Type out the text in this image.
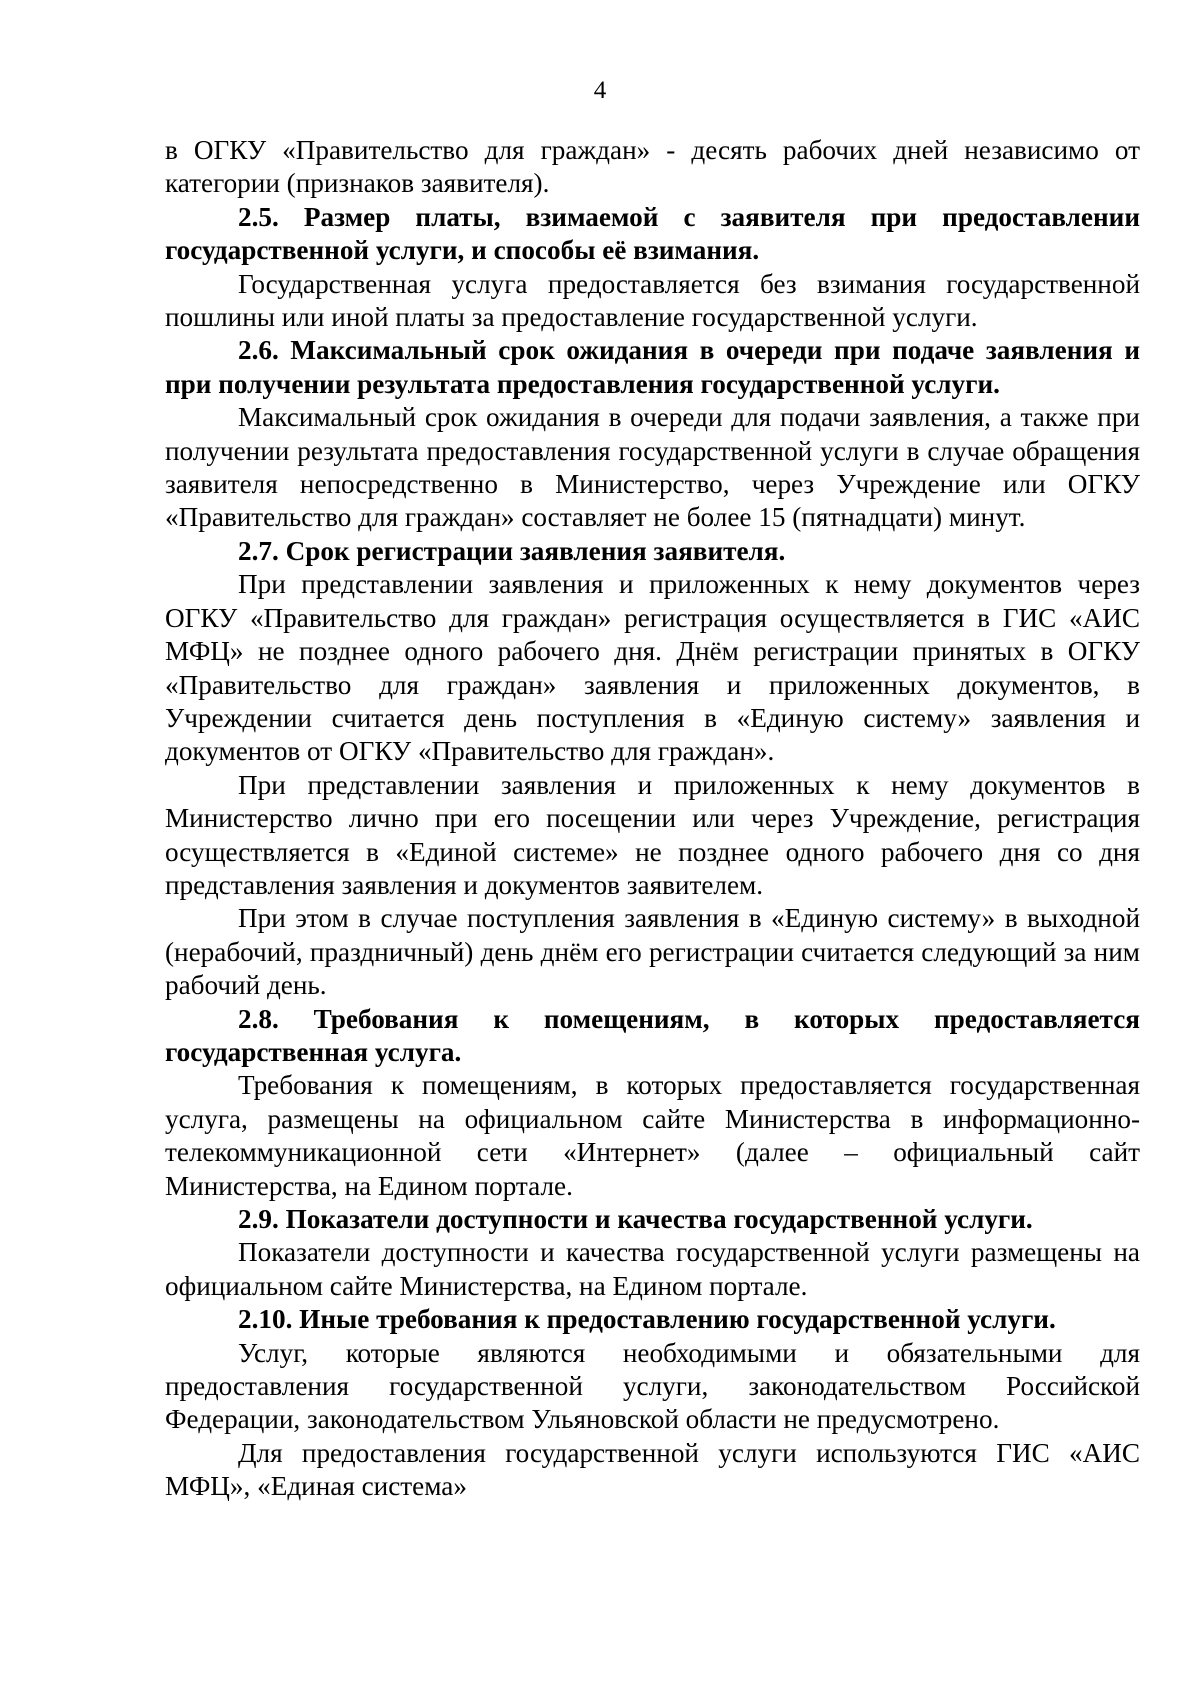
4

в ОГКУ «Правительство для граждан» - десять рабочих дней независимо от категории (признаков заявителя).

2.5. Размер платы, взимаемой с заявителя при предоставлении государственной услуги, и способы её взимания.

Государственная услуга предоставляется без взимания государственной пошлины или иной платы за предоставление государственной услуги.

2.6. Максимальный срок ожидания в очереди при подаче заявления и при получении результата предоставления государственной услуги.

Максимальный срок ожидания в очереди для подачи заявления, а также при получении результата предоставления государственной услуги в случае обращения заявителя непосредственно в Министерство, через Учреждение или ОГКУ «Правительство для граждан» составляет не более 15 (пятнадцати) минут.

2.7. Срок регистрации заявления заявителя.

При представлении заявления и приложенных к нему документов через ОГКУ «Правительство для граждан» регистрация осуществляется в ГИС «АИС МФЦ» не позднее одного рабочего дня. Днём регистрации принятых в ОГКУ «Правительство для граждан» заявления и приложенных документов, в Учреждении считается день поступления в «Единую систему» заявления и документов от ОГКУ «Правительство для граждан».

При представлении заявления и приложенных к нему документов в Министерство лично при его посещении или через Учреждение, регистрация осуществляется в «Единой системе» не позднее одного рабочего дня со дня представления заявления и документов заявителем.

При этом в случае поступления заявления в «Единую систему» в выходной (нерабочий, праздничный) день днём его регистрации считается следующий за ним рабочий день.

2.8. Требования к помещениям, в которых предоставляется государственная услуга.

Требования к помещениям, в которых предоставляется государственная услуга, размещены на официальном сайте Министерства в информационно-телекоммуникационной сети «Интернет» (далее – официальный сайт Министерства, на Едином портале.

2.9. Показатели доступности и качества государственной услуги.

Показатели доступности и качества государственной услуги размещены на официальном сайте Министерства, на Едином портале.

2.10. Иные требования к предоставлению государственной услуги.

Услуг, которые являются необходимыми и обязательными для предоставления государственной услуги, законодательством Российской Федерации, законодательством Ульяновской области не предусмотрено.

Для предоставления государственной услуги используются ГИС «АИС МФЦ», «Единая система»
